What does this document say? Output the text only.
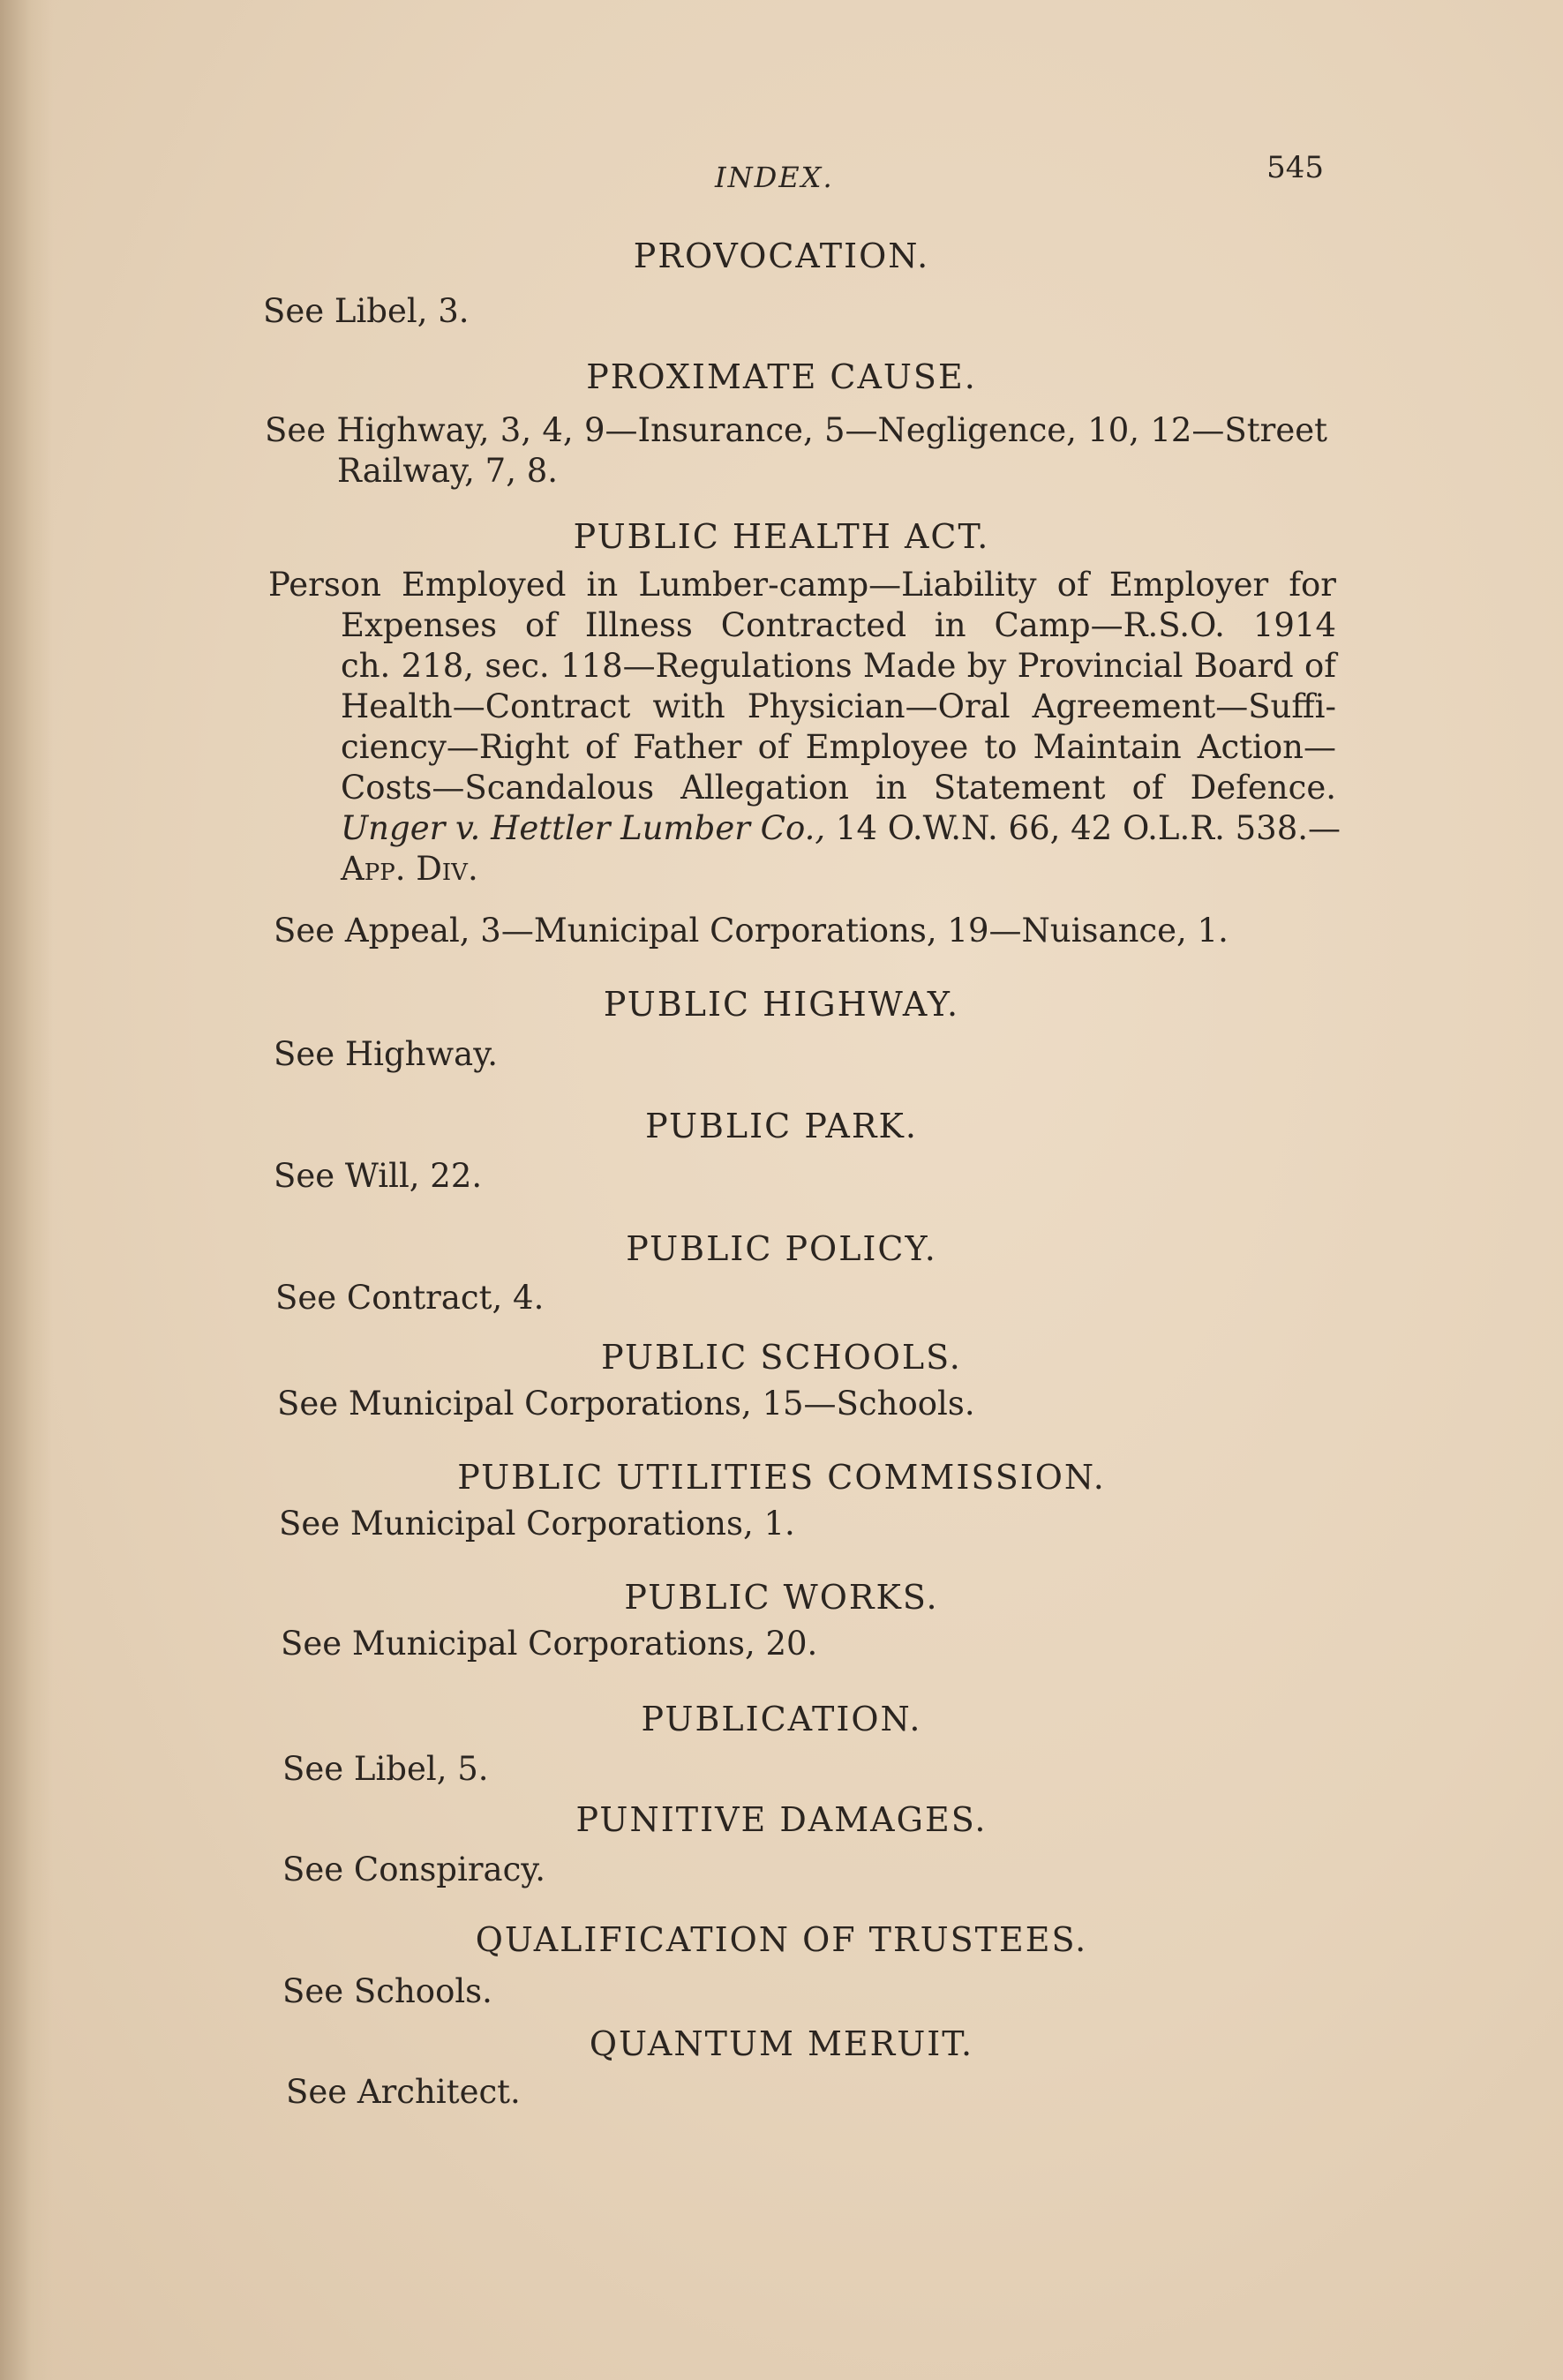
INDEX.	545
PROVOCATION.
See Libel, 3.
PROXIMATE CAUSE.
See Highway, 3, 4, 9—Insurance, 5—Negligence, 10, 12—Street
Railway, 7, 8.
PUBLIC HEALTH ACT.
Person Employed in Lumber-camp—Liability of Employer for
Expenses of Illness Contracted in Camp—R.S.O. 1914
ch. 218, sec. 118—Regulations Made by Provincial Board of
Health—Contract with Physician—Oral Agreement—Suffi-
ciency—Right of Father of Employee to Maintain Action—
Costs—Scandalous Allegation in Statement of Defence.
Unger v. Hettler Lumber Co., 14 O.W.N. 66, 42 O.L.R. 538.—
App. Div.
See Appeal, 3—Municipal Corporations, 19—Nuisance, 1.
PUBLIC HIGHWAY.
See Highway.
PUBLIC PARK.
See Will, 22.
PUBLIC POLICY.
See Contract, 4.
PUBLIC SCHOOLS.
See Municipal Corporations, 15—Schools.
PUBLIC UTILITIES COMMISSION.
See Municipal Corporations, 1.
PUBLIC WORKS.
See Municipal Corporations, 20.
PUBLICATION.
See Libel, 5.
PUNITIVE DAMAGES.
See Conspiracy.
QUALIFICATION OF TRUSTEES.
See Schools.
QUANTUM MERUIT.
See Architect.
